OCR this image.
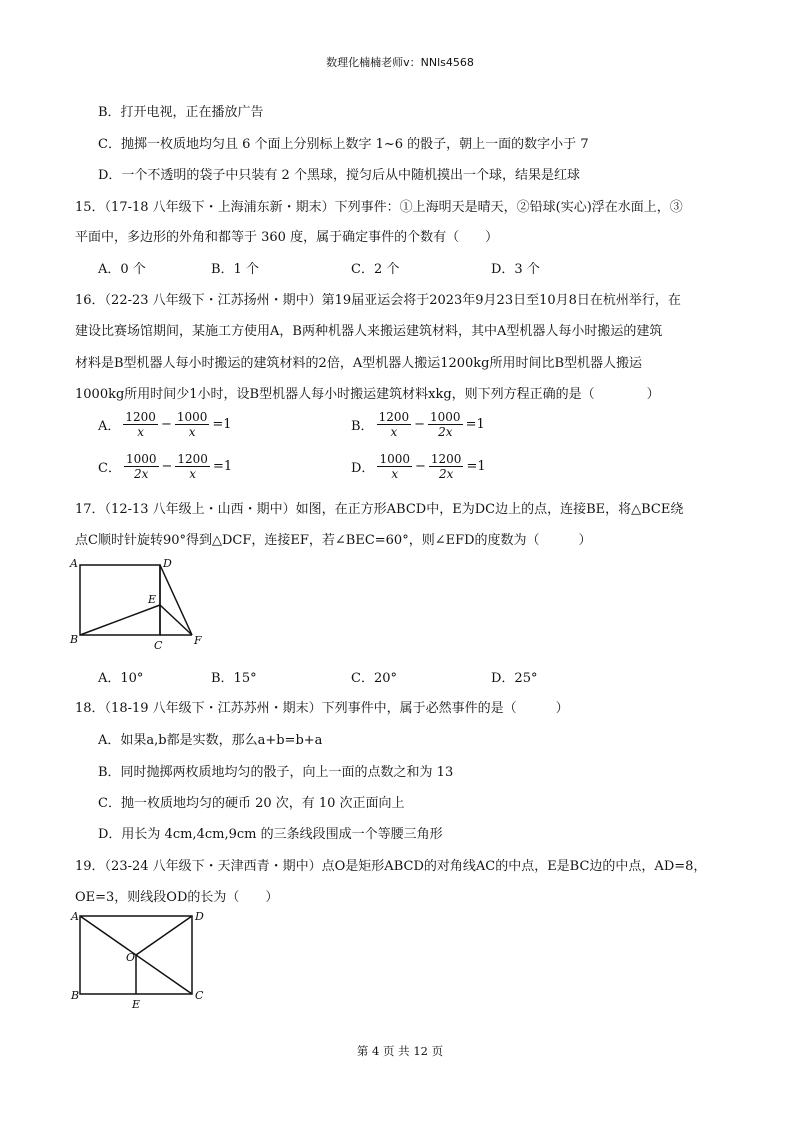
数理化楠楠老师v：NNls4568
B．打开电视，正在播放广告
C．抛掷一枚质地均匀且 6 个面上分别标上数字 1~6 的骰子，朝上一面的数字小于 7
D．一个不透明的袋子中只装有 2 个黑球，搅匀后从中随机摸出一个球，结果是红球
15．（17-18 八年级下・上海浦东新・期末）下列事件：①上海明天是晴天，②铅球(实心)浮在水面上，③
平面中，多边形的外角和都等于 360 度，属于确定事件的个数有（　　）
A．0 个	B．1 个	C．2 个	D．3 个
16．（22-23 八年级下・江苏扬州・期中）第19届亚运会将于2023年9月23日至10月8日在杭州举行，在
建设比赛场馆期间，某施工方使用A，B两种机器人来搬运建筑材料，其中A型机器人每小时搬运的建筑
材料是B型机器人每小时搬运的建筑材料的2倍，A型机器人搬运1200kg所用时间比B型机器人搬运
1000kg所用时间少1小时，设B型机器人每小时搬运建筑材料xkg，则下列方程正确的是（　　　　）
A． $\frac{1200}{x} - \frac{1000}{x} =1$	B． $\frac{1200}{x} - \frac{1000}{2x} =1$
C． $\frac{1000}{2x} - \frac{1200}{x} =1$	D． $\frac{1000}{x} - \frac{1200}{2x} =1$
17．（12-13 八年级上・山西・期中）如图，在正方形ABCD中，E为DC边上的点，连接BE，将△BCE绕
点C顺时针旋转90°得到△DCF，连接EF，若∠BEC=60°，则∠EFD的度数为（　　　）
A	D
B	C
E
F
A．10°	B．15°	C．20°	D．25°
18．（18-19 八年级下・江苏苏州・期末）下列事件中，属于必然事件的是（　　　）
A．如果a,b都是实数，那么a+b=b+a
B．同时抛掷两枚质地均匀的骰子，向上一面的点数之和为 13
C．抛一枚质地均匀的硬币 20 次，有 10 次正面向上
D．用长为 4cm,4cm,9cm 的三条线段围成一个等腰三角形
19．（23-24 八年级下・天津西青・期中）点O是矩形ABCD的对角线AC的中点，E是BC边的中点，AD=8，
OE=3，则线段OD的长为（　　）
A	D
B	C
O
E
第 4 页 共 12 页
